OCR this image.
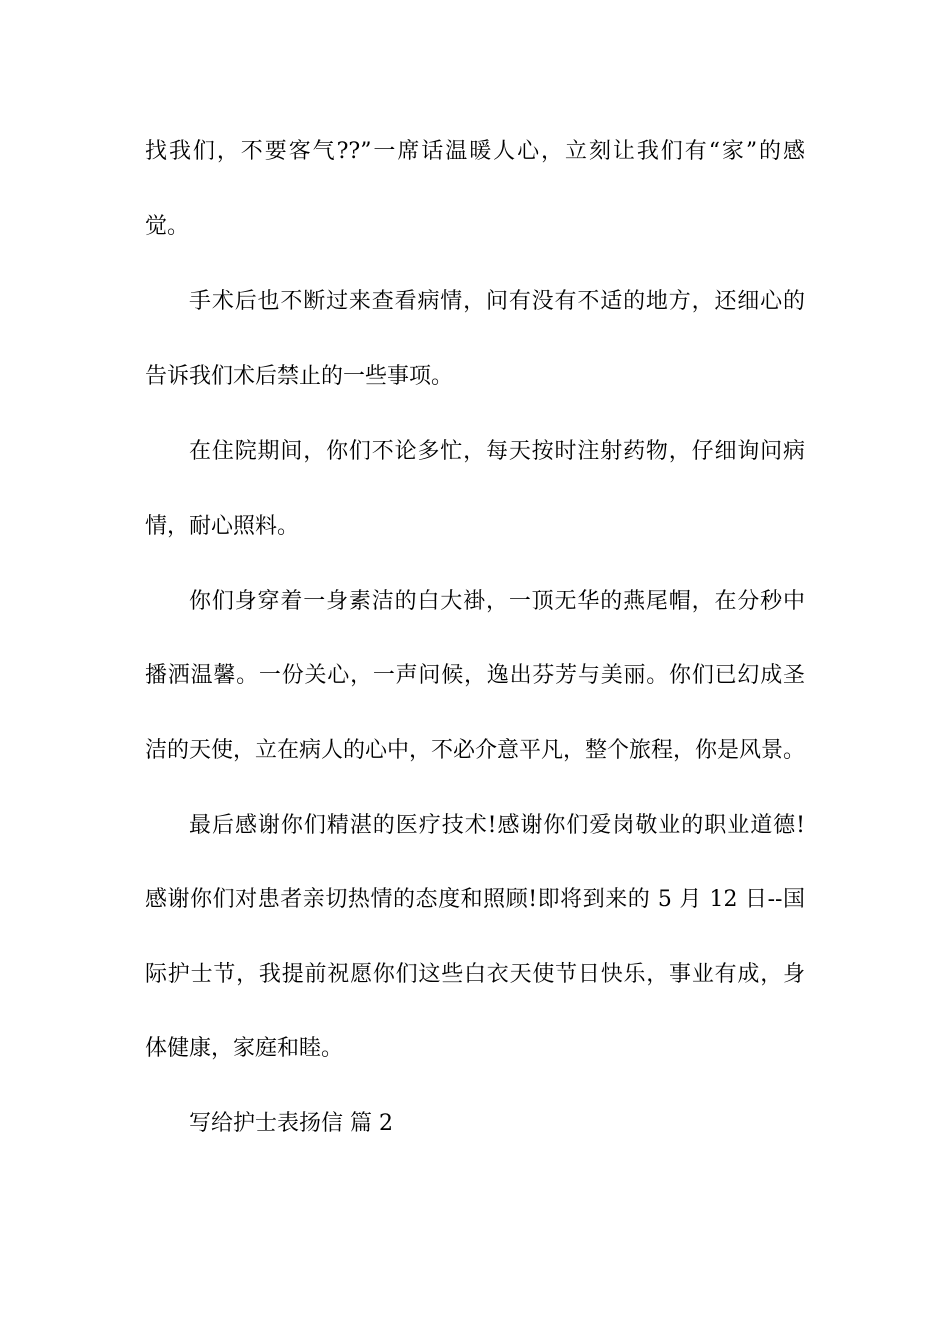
找我们，不要客气??”一席话温暖人心，立刻让我们有“家”的感
觉。
手术后也不断过来查看病情，问有没有不适的地方，还细心的
告诉我们术后禁止的一些事项。
在住院期间，你们不论多忙，每天按时注射药物，仔细询问病
情，耐心照料。
你们身穿着一身素洁的白大褂，一顶无华的燕尾帽，在分秒中
播洒温馨。一份关心，一声问候，逸出芬芳与美丽。你们已幻成圣
洁的天使，立在病人的心中，不必介意平凡，整个旅程，你是风景。
最后感谢你们精湛的医疗技术!感谢你们爱岗敬业的职业道德!
感谢你们对患者亲切热情的态度和照顾!即将到来的 5 月 12 日--国
际护士节，我提前祝愿你们这些白衣天使节日快乐，事业有成，身
体健康，家庭和睦。
写给护士表扬信 篇 2
